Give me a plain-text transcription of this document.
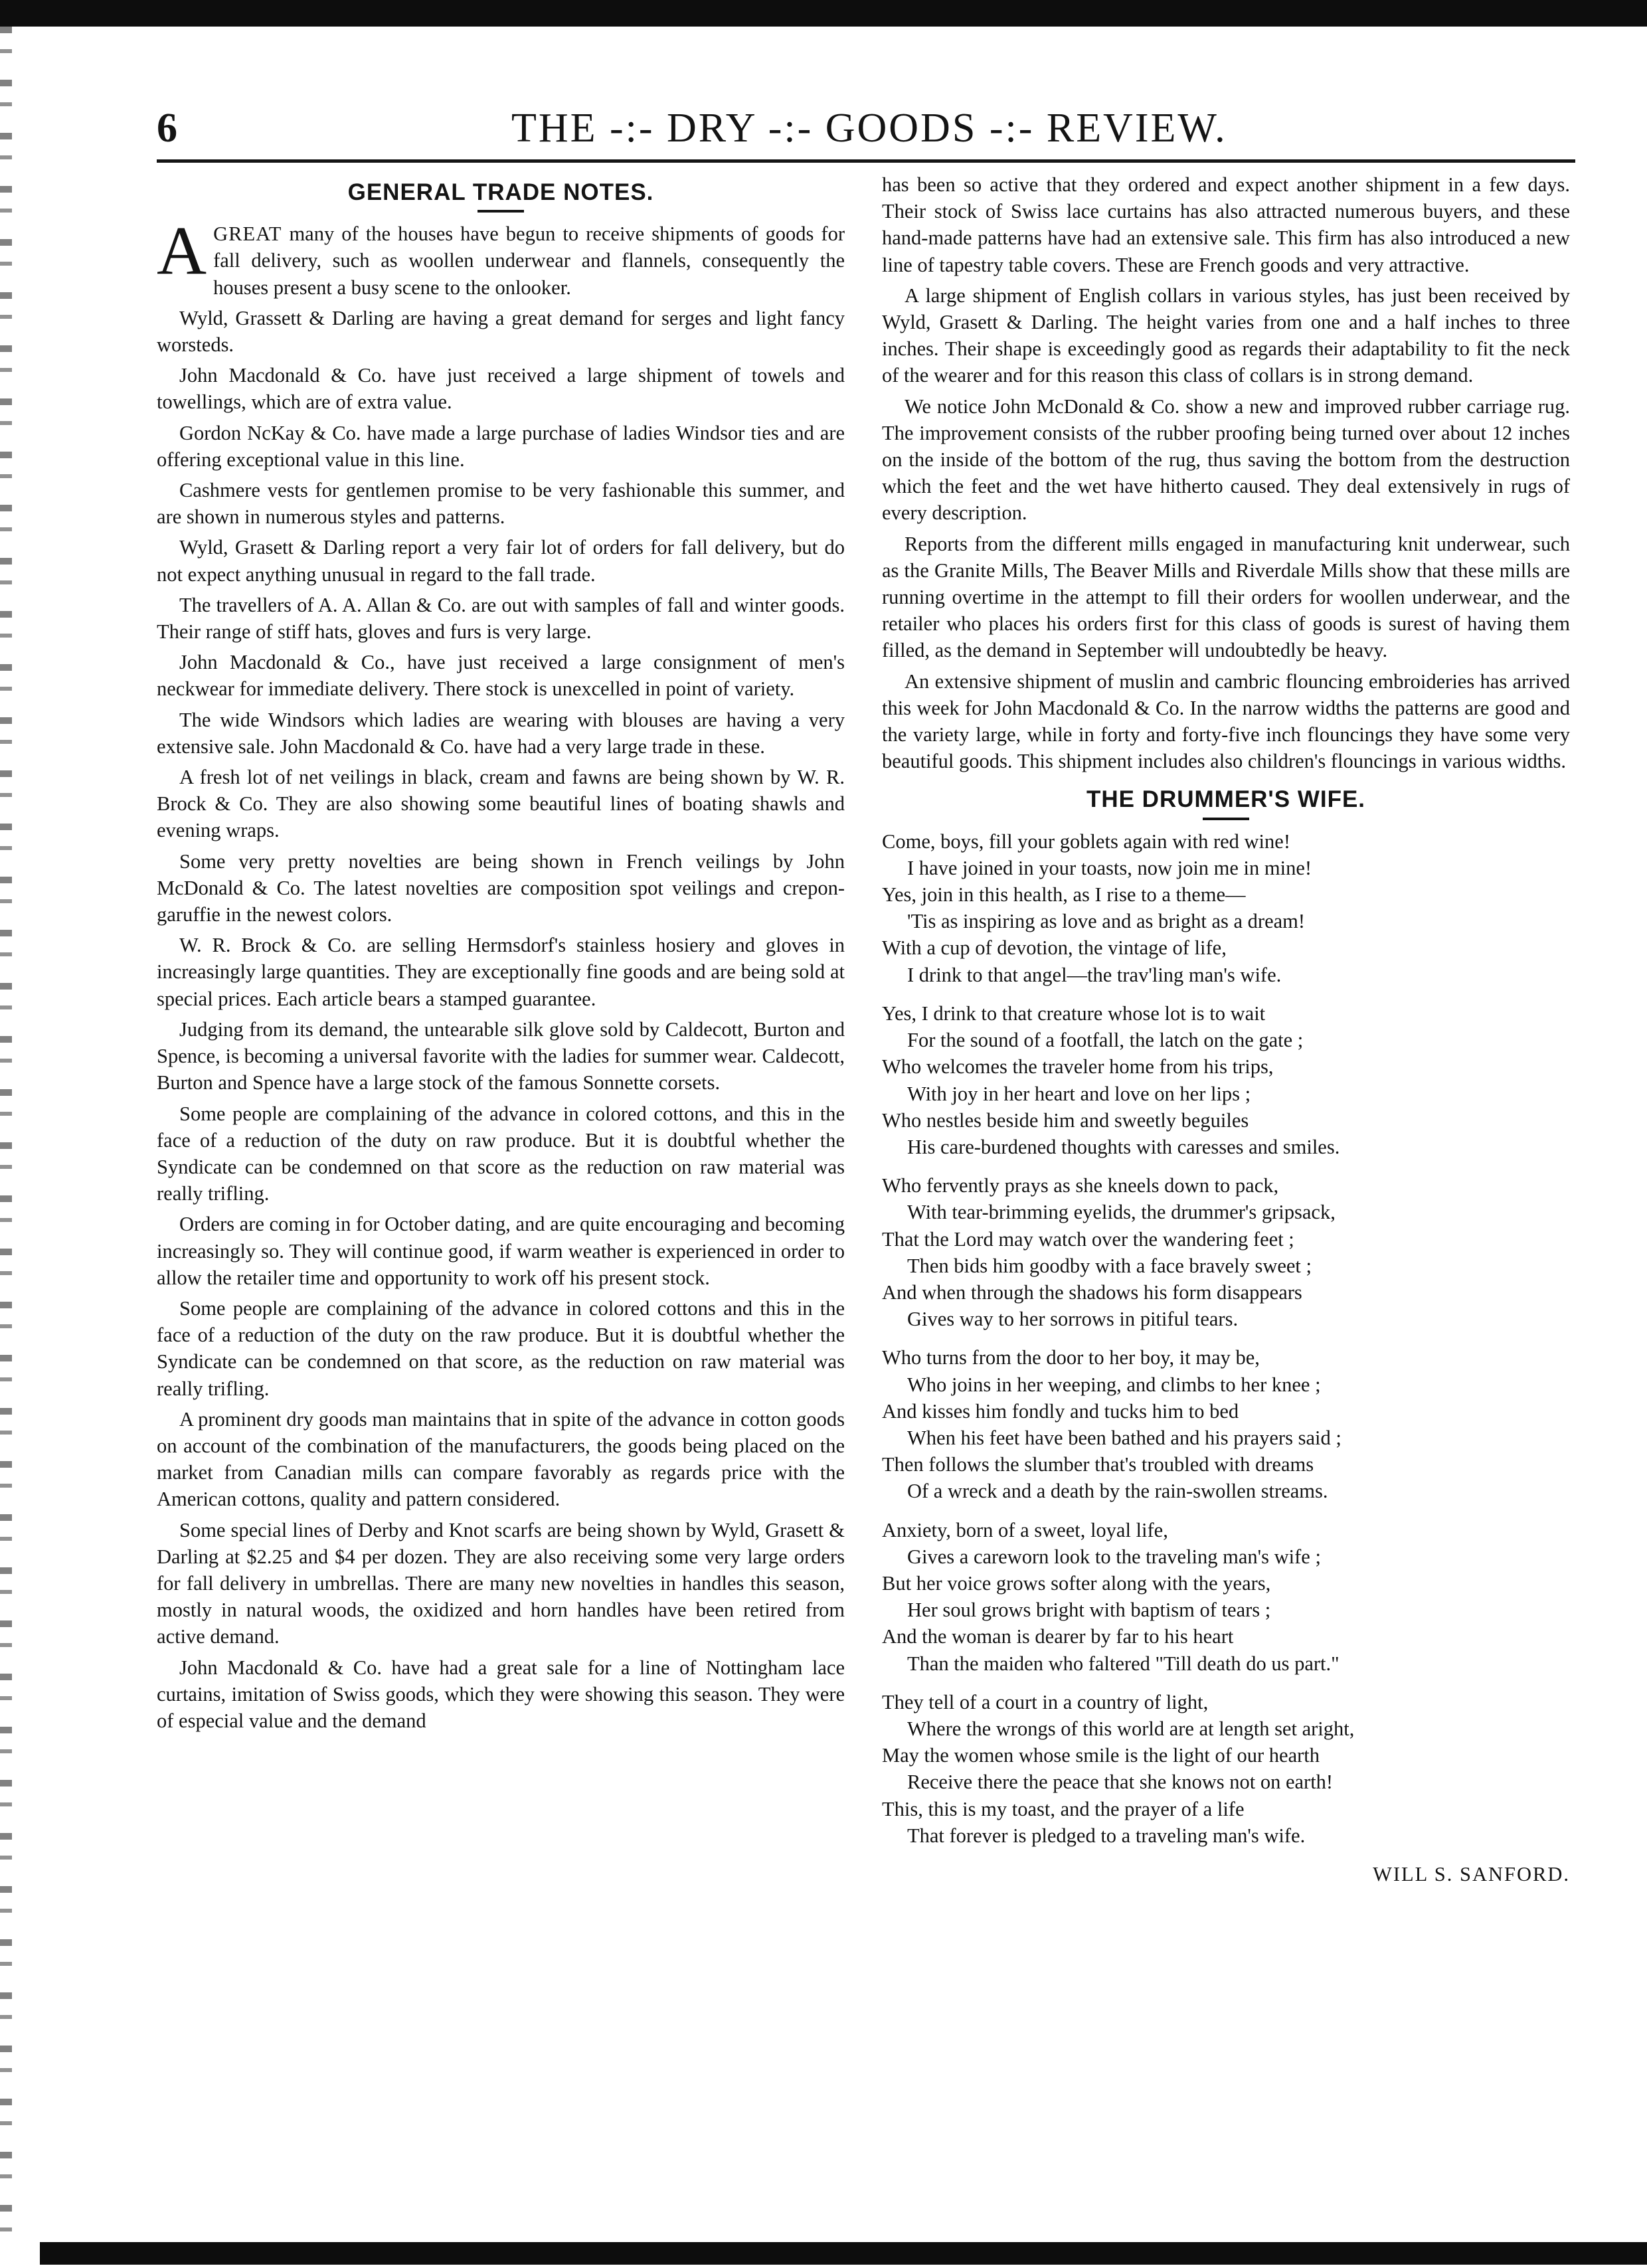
6	THE -:- DRY -:- GOODS -:- REVIEW.
GENERAL TRADE NOTES.

AGREAT many of the houses have begun to receive shipments of goods for fall delivery, such as woollen underwear and flannels, consequently the houses present a busy scene to the onlooker.

Wyld, Grassett & Darling are having a great demand for serges and light fancy worsteds.

John Macdonald & Co. have just received a large shipment of towels and towellings, which are of extra value.

Gordon NcKay & Co. have made a large purchase of ladies Windsor ties and are offering exceptional value in this line.

Cashmere vests for gentlemen promise to be very fashionable this summer, and are shown in numerous styles and patterns.

Wyld, Grasett & Darling report a very fair lot of orders for fall delivery, but do not expect anything unusual in regard to the fall trade.

The travellers of A. A. Allan & Co. are out with samples of fall and winter goods. Their range of stiff hats, gloves and furs is very large.

John Macdonald & Co., have just received a large consignment of men's neckwear for immediate delivery. There stock is unexcelled in point of variety.

The wide Windsors which ladies are wearing with blouses are having a very extensive sale. John Macdonald & Co. have had a very large trade in these.

A fresh lot of net veilings in black, cream and fawns are being shown by W. R. Brock & Co. They are also showing some beautiful lines of boating shawls and evening wraps.

Some very pretty novelties are being shown in French veilings by John McDonald & Co. The latest novelties are composition spot veilings and crepon-garuffie in the newest colors.

W. R. Brock & Co. are selling Hermsdorf's stainless hosiery and gloves in increasingly large quantities. They are exceptionally fine goods and are being sold at special prices. Each article bears a stamped guarantee.

Judging from its demand, the untearable silk glove sold by Caldecott, Burton and Spence, is becoming a universal favorite with the ladies for summer wear. Caldecott, Burton and Spence have a large stock of the famous Sonnette corsets.

Some people are complaining of the advance in colored cottons, and this in the face of a reduction of the duty on raw produce. But it is doubtful whether the Syndicate can be condemned on that score as the reduction on raw material was really trifling.

Orders are coming in for October dating, and are quite encouraging and becoming increasingly so. They will continue good, if warm weather is experienced in order to allow the retailer time and opportunity to work off his present stock.

Some people are complaining of the advance in colored cottons and this in the face of a reduction of the duty on the raw produce. But it is doubtful whether the Syndicate can be condemned on that score, as the reduction on raw material was really trifling.

A prominent dry goods man maintains that in spite of the advance in cotton goods on account of the combination of the manufacturers, the goods being placed on the market from Canadian mills can compare favorably as regards price with the American cottons, quality and pattern considered.

Some special lines of Derby and Knot scarfs are being shown by Wyld, Grasett & Darling at $2.25 and $4 per dozen. They are also receiving some very large orders for fall delivery in umbrellas. There are many new novelties in handles this season, mostly in natural woods, the oxidized and horn handles have been retired from active demand.

John Macdonald & Co. have had a great sale for a line of Nottingham lace curtains, imitation of Swiss goods, which they were showing this season. They were of especial value and the demand

has been so active that they ordered and expect another shipment in a few days. Their stock of Swiss lace curtains has also attracted numerous buyers, and these hand-made patterns have had an extensive sale. This firm has also introduced a new line of tapestry table covers. These are French goods and very attractive.

A large shipment of English collars in various styles, has just been received by Wyld, Grasett & Darling. The height varies from one and a half inches to three inches. Their shape is exceedingly good as regards their adaptability to fit the neck of the wearer and for this reason this class of collars is in strong demand.

We notice John McDonald & Co. show a new and improved rubber carriage rug. The improvement consists of the rubber proofing being turned over about 12 inches on the inside of the bottom of the rug, thus saving the bottom from the destruction which the feet and the wet have hitherto caused. They deal extensively in rugs of every description.

Reports from the different mills engaged in manufacturing knit underwear, such as the Granite Mills, The Beaver Mills and Riverdale Mills show that these mills are running overtime in the attempt to fill their orders for woollen underwear, and the retailer who places his orders first for this class of goods is surest of having them filled, as the demand in September will undoubtedly be heavy.

An extensive shipment of muslin and cambric flouncing embroideries has arrived this week for John Macdonald & Co. In the narrow widths the patterns are good and the variety large, while in forty and forty-five inch flouncings they have some very beautiful goods. This shipment includes also children's flouncings in various widths.

THE DRUMMER'S WIFE.
Come, boys, fill your goblets again with red wine!
I have joined in your toasts, now join me in mine!
Yes, join in this health, as I rise to a theme—
'Tis as inspiring as love and as bright as a dream!
With a cup of devotion, the vintage of life,
I drink to that angel—the trav'ling man's wife.
Yes, I drink to that creature whose lot is to wait
For the sound of a footfall, the latch on the gate ;
Who welcomes the traveler home from his trips,
With joy in her heart and love on her lips ;
Who nestles beside him and sweetly beguiles
His care-burdened thoughts with caresses and smiles.
Who fervently prays as she kneels down to pack,
With tear-brimming eyelids, the drummer's gripsack,
That the Lord may watch over the wandering feet ;
Then bids him goodby with a face bravely sweet ;
And when through the shadows his form disappears
Gives way to her sorrows in pitiful tears.
Who turns from the door to her boy, it may be,
Who joins in her weeping, and climbs to her knee ;
And kisses him fondly and tucks him to bed
When his feet have been bathed and his prayers said ;
Then follows the slumber that's troubled with dreams
Of a wreck and a death by the rain-swollen streams.
Anxiety, born of a sweet, loyal life,
Gives a careworn look to the traveling man's wife ;
But her voice grows softer along with the years,
Her soul grows bright with baptism of tears ;
And the woman is dearer by far to his heart
Than the maiden who faltered "Till death do us part."
They tell of a court in a country of light,
Where the wrongs of this world are at length set aright,
May the women whose smile is the light of our hearth
Receive there the peace that she knows not on earth!
This, this is my toast, and the prayer of a life
That forever is pledged to a traveling man's wife.
WILL S. SANFORD.
